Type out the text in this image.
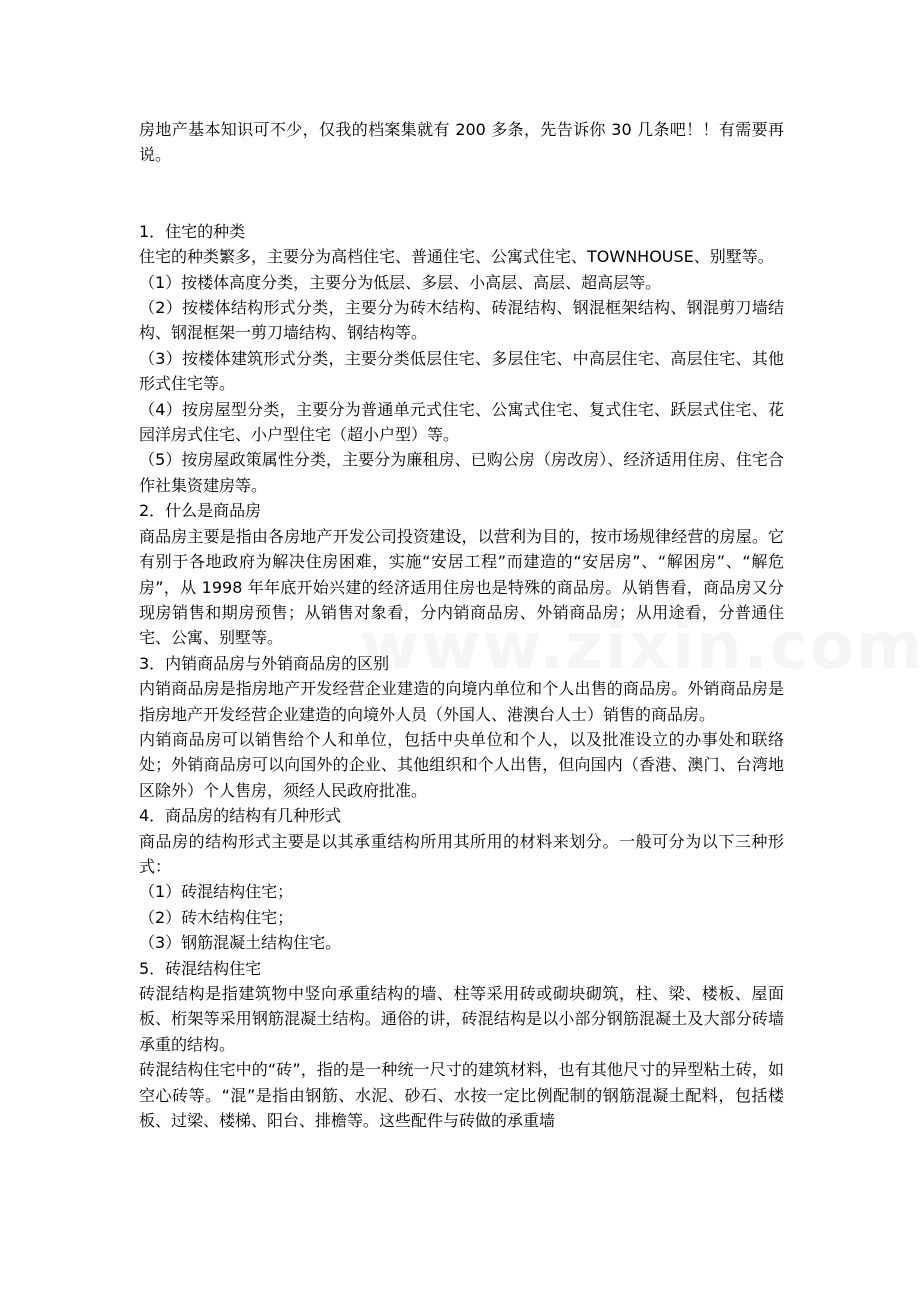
房地产基本知识可不少，仅我的档案集就有 200 多条，先告诉你 30 几条吧！！有需要再说。

1．住宅的种类

住宅的种类繁多，主要分为高档住宅、普通住宅、公寓式住宅、TOWNHOUSE、别墅等。

（1）按楼体高度分类，主要分为低层、多层、小高层、高层、超高层等。

（2）按楼体结构形式分类，主要分为砖木结构、砖混结构、钢混框架结构、钢混剪刀墙结构、钢混框架一剪刀墙结构、钢结构等。

（3）按楼体建筑形式分类，主要分类低层住宅、多层住宅、中高层住宅、高层住宅、其他形式住宅等。

（4）按房屋型分类，主要分为普通单元式住宅、公寓式住宅、复式住宅、跃层式住宅、花园洋房式住宅、小户型住宅（超小户型）等。

（5）按房屋政策属性分类，主要分为廉租房、已购公房（房改房）、经济适用住房、住宅合作社集资建房等。

2．什么是商品房

商品房主要是指由各房地产开发公司投资建设，以营利为目的，按市场规律经营的房屋。它有别于各地政府为解决住房困难，实施“安居工程”而建造的“安居房”、“解困房”、“解危房”，从 1998 年年底开始兴建的经济适用住房也是特殊的商品房。从销售看，商品房又分现房销售和期房预售；从销售对象看，分内销商品房、外销商品房；从用途看，分普通住宅、公寓、别墅等。

3．内销商品房与外销商品房的区别

内销商品房是指房地产开发经营企业建造的向境内单位和个人出售的商品房。外销商品房是指房地产开发经营企业建造的向境外人员（外国人、港澳台人士）销售的商品房。

内销商品房可以销售给个人和单位，包括中央单位和个人，以及批准设立的办事处和联络处；外销商品房可以向国外的企业、其他组织和个人出售，但向国内（香港、澳门、台湾地区除外）个人售房，须经人民政府批准。

4．商品房的结构有几种形式

商品房的结构形式主要是以其承重结构所用其所用的材料来划分。一般可分为以下三种形式：

（1）砖混结构住宅；

（2）砖木结构住宅；

（3）钢筋混凝土结构住宅。

5．砖混结构住宅

砖混结构是指建筑物中竖向承重结构的墙、柱等采用砖或砌块砌筑，柱、梁、楼板、屋面板、桁架等采用钢筋混凝土结构。通俗的讲，砖混结构是以小部分钢筋混凝土及大部分砖墙承重的结构。

砖混结构住宅中的“砖”，指的是一种统一尺寸的建筑材料，也有其他尺寸的异型粘土砖，如空心砖等。“混”是指由钢筋、水泥、砂石、水按一定比例配制的钢筋混凝土配料，包括楼板、过梁、楼梯、阳台、排檐等。这些配件与砖做的承重墙
